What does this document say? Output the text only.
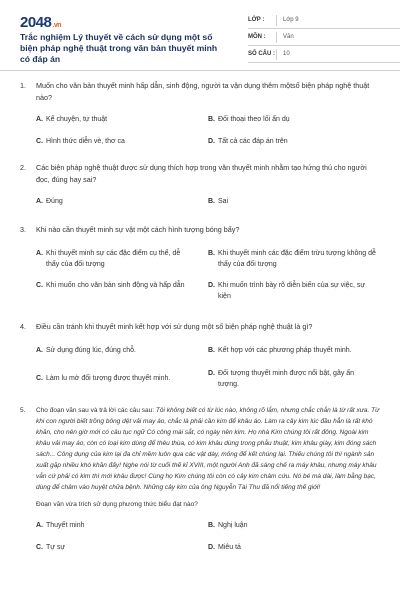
2048.vn
Trắc nghiệm Lý thuyết về cách sử dụng một số biện pháp nghệ thuật trong văn bản thuyết minh có đáp án
LỚP :	Lớp 9
MÔN :	Văn
SỐ CÂU : 10
1.	Muốn cho văn bản thuyết minh hấp dẫn, sinh động, người ta vận dụng thêm mộtsố biện pháp nghệ thuật nào?
A. Kể chuyện, tự thuật	B. Đối thoại theo lối ẩn dụ
C. Hình thức diễn vè, thơ ca	D. Tất cả các đáp án trên
2.	Các biện pháp nghệ thuật được sử dụng thích hợp trong văn thuyết minh nhằm tạo hứng thú cho người đọc, đúng hay sai?
A. Đúng	B. Sai
3.	Khi nào cần thuyết minh sự vật một cách hình tượng bóng bẩy?
A. Khi thuyết minh sự các đặc điểm cụ thể, dễ thấy của đối tượng
B. Khi thuyết minh các đặc điểm trừu tượng không dễ thấy của đối tượng
C. Khi muốn cho văn bản sinh động và hấp dẫn	D. Khi muốn trình bày rõ diễn biến của sự việc, sự kiện
4.	Điều cần tránh khi thuyết minh kết hợp với sử dụng một số biện pháp nghệ thuật là gì?
A. Sử dụng đúng lúc, đúng chỗ.	B. Kết hợp với các phương pháp thuyết minh.
C. Làm lu mờ đối tượng được thuyết minh.
D. Đối tượng thuyết minh được nổi bật, gây ấn tượng.
5.	Cho đoạn văn sau và trả lời các câu sau: Tôi không biết có từ lúc nào, không rõ lắm, nhưng chắc chắn là từ rất xưa. Từ khi con người biết trồng bông dệt vải may áo, chắc là phải cần kim để khâu áo. Làm ra cây kim lúc đầu hẳn là rất khó khăn, cho nên giờ mới có câu tục ngữ Có công mài sắt, có ngày nên kim. Họ nhà Kim chúng tôi rất đông. Ngoài kim khâu vải may áo, còn có loại kim dùng để thêu thùa, có kim khâu dùng trong phẫu thuật, kim khâu giày, kim đóng sách sách... Công dụng của kim lại đa chỉ mềm luôn qua các vật dày, mỏng để kết chúng lại. Thiếu chúng tôi thì ngành sản xuất gặp nhiều khó khăn đấy! Nghe nói từ cuối thế kỉ XVIII, một người Anh đã sáng chế ra máy khâu, nhưng máy khâu vẫn cứ phải có kim thì mới khâu được! Cùng họ Kim chúng tôi còn có cây kim châm cứu. Nó bé mà dài, làm bằng bạc, dùng để châm vào huyệt chữa bệnh. Những cây kim của ông Nguyễn Tài Thu đã nổi tiếng thế giới!
Đoạn văn vừa trích sử dụng phương thức biểu đạt nào?
A. Thuyết minh	B. Nghị luận
C. Tự sự	D. Miêu tả
